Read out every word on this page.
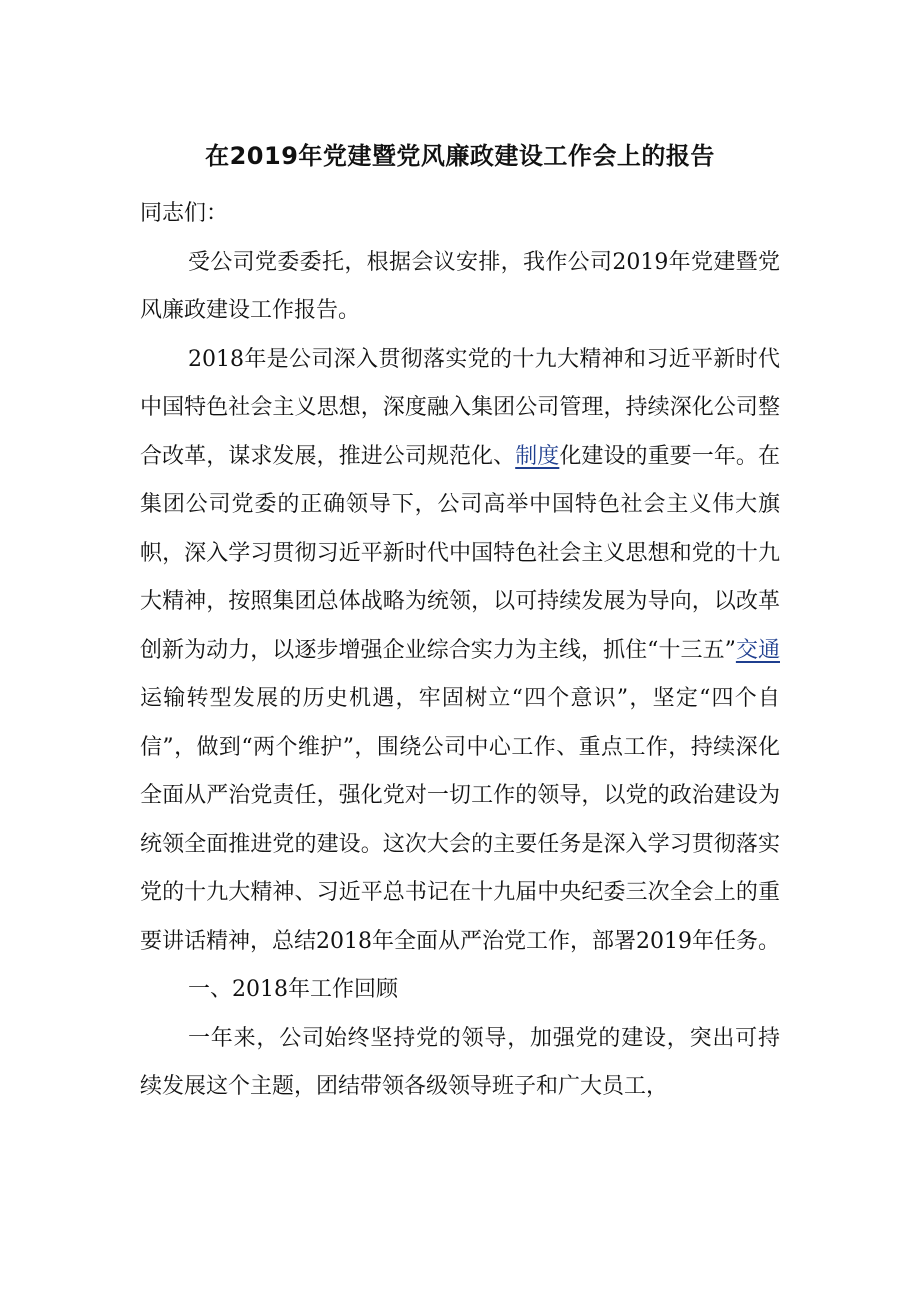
在2019年党建暨党风廉政建设工作会上的报告

同志们：

受公司党委委托，根据会议安排，我作公司2019年党建暨党风廉政建设工作报告。

2018年是公司深入贯彻落实党的十九大精神和习近平新时代中国特色社会主义思想，深度融入集团公司管理，持续深化公司整合改革，谋求发展，推进公司规范化、制度化建设的重要一年。在集团公司党委的正确领导下，公司高举中国特色社会主义伟大旗帜，深入学习贯彻习近平新时代中国特色社会主义思想和党的十九大精神，按照集团总体战略为统领，以可持续发展为导向，以改革创新为动力，以逐步增强企业综合实力为主线，抓住“十三五”交通运输转型发展的历史机遇，牢固树立“四个意识”，坚定“四个自信”，做到“两个维护”，围绕公司中心工作、重点工作，持续深化全面从严治党责任，强化党对一切工作的领导，以党的政治建设为统领全面推进党的建设。这次大会的主要任务是深入学习贯彻落实党的十九大精神、习近平总书记在十九届中央纪委三次全会上的重要讲话精神，总结2018年全面从严治党工作，部署2019年任务。

一、2018年工作回顾

一年来，公司始终坚持党的领导，加强党的建设，突出可持续发展这个主题，团结带领各级领导班子和广大员工，
